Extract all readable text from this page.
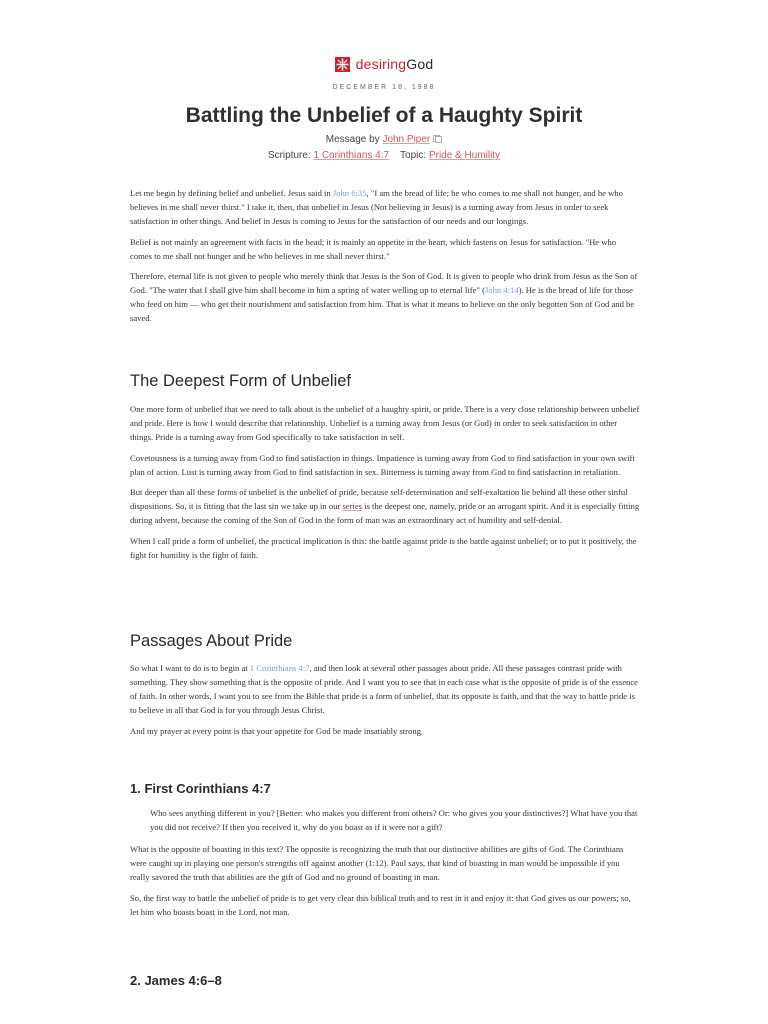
desiringGod
DECEMBER 18, 1988
Battling the Unbelief of a Haughty Spirit
Message by John Piper
Scripture: 1 Corinthians 4:7 Topic: Pride & Humility

Let me begin by defining belief and unbelief. Jesus said in John 6:35, "I am the bread of life; he who comes to me shall not hunger, and he who believes in me shall never thirst." I take it, then, that unbelief in Jesus (Not believing in Jesus) is a turning away from Jesus in order to seek satisfaction in other things. And belief in Jesus is coming to Jesus for the satisfaction of our needs and our longings.

Belief is not mainly an agreement with facts in the head; it is mainly an appetite in the heart, which fastens on Jesus for satisfaction. "He who comes to me shall not hunger and he who believes in me shall never thirst."

Therefore, eternal life is not given to people who merely think that Jesus is the Son of God. It is given to people who drink from Jesus as the Son of God. "The water that I shall give him shall become in him a spring of water welling up to eternal life" (John 4:14). He is the bread of life for those who feed on him — who get their nourishment and satisfaction from him. That is what it means to believe on the only begotten Son of God and be saved.

The Deepest Form of Unbelief

One more form of unbelief that we need to talk about is the unbelief of a haughty spirit, or pride. There is a very close relationship between unbelief and pride. Here is how I would describe that relationship. Unbelief is a turning away from Jesus (or God) in order to seek satisfaction in other things. Pride is a turning away from God specifically to take satisfaction in self.

Covetousness is a turning away from God to find satisfaction in things. Impatience is turning away from God to find satisfaction in your own swift plan of action. Lust is turning away from God to find satisfaction in sex. Bitterness is turning away from God to find satisfaction in retaliation.

But deeper than all these forms of unbelief is the unbelief of pride, because self-determination and self-exaltation lie behind all these other sinful dispositions. So, it is fitting that the last sin we take up in our series is the deepest one, namely, pride or an arrogant spirit. And it is especially fitting during advent, because the coming of the Son of God in the form of man was an extraordinary act of humility and self-denial.

When I call pride a form of unbelief, the practical implication is this: the battle against pride is the battle against unbelief; or to put it positively, the fight for humility is the fight of faith.

Passages About Pride

So what I want to do is to begin at 1 Corinthians 4:7, and then look at several other passages about pride. All these passages contrast pride with something. They show something that is the opposite of pride. And I want you to see that in each case what is the opposite of pride is of the essence of faith. In other words, I want you to see from the Bible that pride is a form of unbelief, that its opposite is faith, and that the way to battle pride is to believe in all that God is for you through Jesus Christ.

And my prayer at every point is that your appetite for God be made insatiably strong.

1. First Corinthians 4:7
Who sees anything different in you? [Better: who makes you different from others? Or: who gives you your distinctives?] What have you that you did not receive? If then you received it, why do you boast as if it were not a gift?

What is the opposite of boasting in this text? The opposite is recognizing the truth that our distinctive abilities are gifts of God. The Corinthians were caught up in playing one person's strengths off against another (1:12). Paul says, that kind of boasting in man would be impossible if you really savored the truth that abilities are the gift of God and no ground of boasting in man.

So, the first way to battle the unbelief of pride is to get very clear this biblical truth and to rest in it and enjoy it: that God gives us our powers; so, let him who boasts boast in the Lord, not man.

2. James 4:6–8
